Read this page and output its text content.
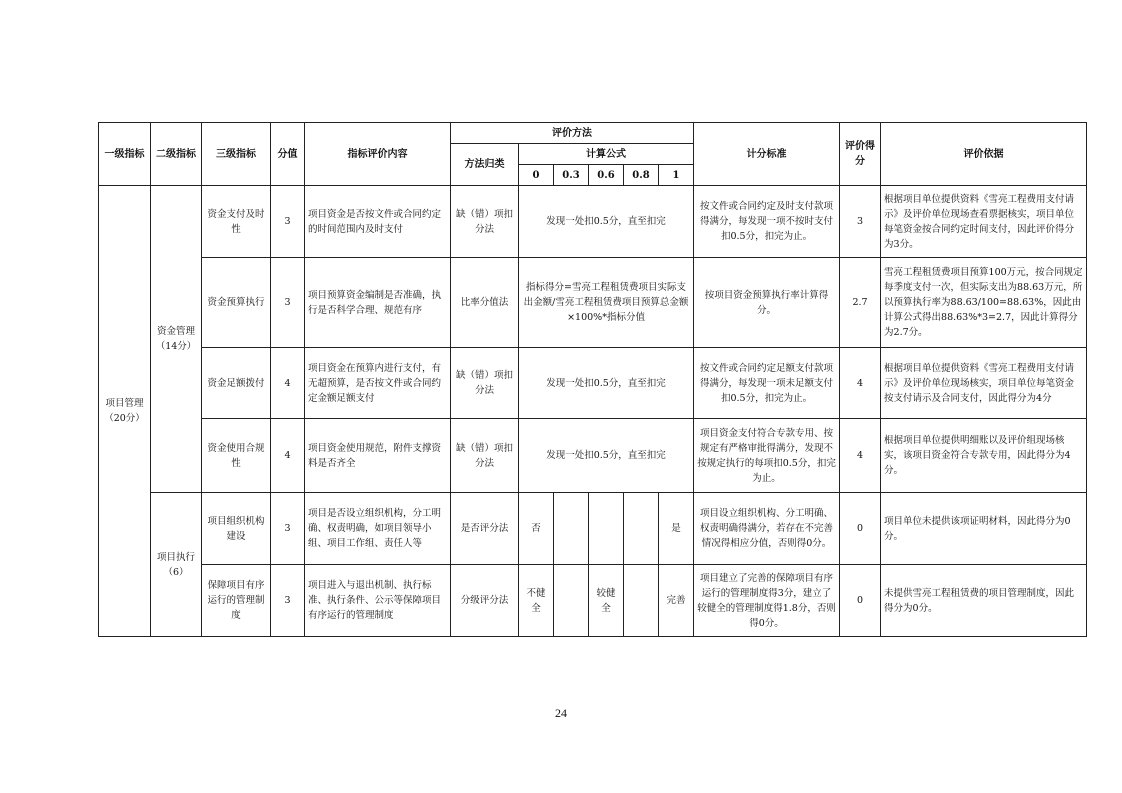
一级指标	二级指标	三级指标	分值	指标评价内容	评价方法						计分标准	评价得分	评价依据
					方法归类	计算公式							
						0	0.3	0.6	0.8	1			
项目管理（20分）	资金管理（14分）	资金支付及时性	3	项目资金是否按文件或合同约定的时间范围内及时支付	缺（错）项扣分法	发现一处扣0.5分，直至扣完					按文件或合同约定及时支付款项得满分，每发现一项不按时支付扣0.5分，扣完为止。	3	根据项目单位提供资料《雪亮工程费用支付请示》及评价单位现场查看票据核实，项目单位每笔资金按合同约定时间支付，因此评价得分为3分。
		资金预算执行	3	项目预算资金编制是否准确，执行是否科学合理、规范有序	比率分值法	指标得分=雪亮工程租赁费项目实际支出金额/雪亮工程租赁费项目预算总金额×100%*指标分值					按项目资金预算执行率计算得分。	2.7	雪亮工程租赁费项目预算100万元，按合同规定每季度支付一次，但实际支出为88.63万元，所以预算执行率为88.63/100=88.63%，因此由计算公式得出88.63%*3=2.7，因此计算得分为2.7分。
		资金足额拨付	4	项目资金在预算内进行支付，有无超预算，是否按文件或合同约定金额足额支付	缺（错）项扣分法	发现一处扣0.5分，直至扣完					按文件或合同约定足额支付款项得满分，每发现一项未足额支付扣0.5分，扣完为止。	4	根据项目单位提供资料《雪亮工程费用支付请示》及评价单位现场核实，项目单位每笔资金按支付请示及合同支付，因此得分为4分
		资金使用合规性	4	项目资金使用规范，附件支撑资料是否齐全	缺（错）项扣分法	发现一处扣0.5分，直至扣完					项目资金支付符合专款专用、按规定有严格审批得满分，发现不按规定执行的每项扣0.5分，扣完为止。	4	根据项目单位提供明细账以及评价组现场核实，该项目资金符合专款专用，因此得分为4分。
	项目执行（6）	项目组织机构建设	3	项目是否设立组织机构，分工明确、权责明确，如项目领导小组、项目工作组、责任人等	是否评分法	否				是	项目设立组织机构、分工明确、权责明确得满分，若存在不完善情况得相应分值，否则得0分。	0	项目单位未提供该项证明材料，因此得分为0分。
		保障项目有序运行的管理制度	3	项目进入与退出机制、执行标准、执行条件、公示等保障项目有序运行的管理制度	分级评分法	不健全		较健全		完善	项目建立了完善的保障项目有序运行的管理制度得3分，建立了较健全的管理制度得1.8分，否则得0分。	0	未提供雪亮工程租赁费的项目管理制度，因此得分为0分。
24
